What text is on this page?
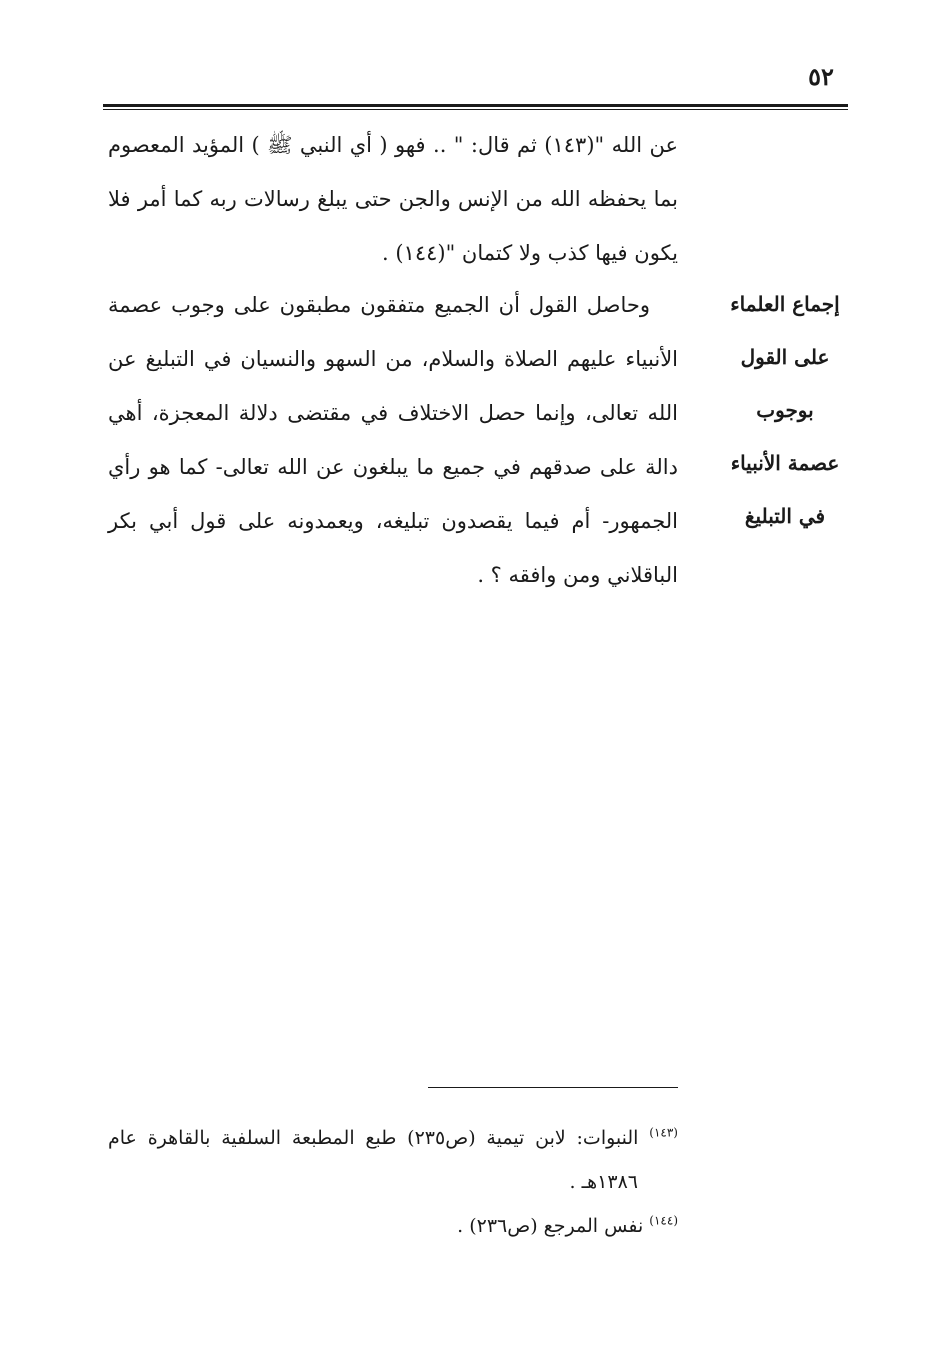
٥٢

عن الله "(١٤٣) ثم قال: " .. فهو ( أي النبي ﷺ ) المؤيد المعصوم بما يحفظه الله من الإنس والجن حتى يبلغ رسالات ربه كما أمر فلا يكون فيها كذب ولا كتمان "(١٤٤) .

إجماع العلماء
على القول
بوجوب
عصمة الأنبياء
في التبليغ

وحاصل القول أن الجميع متفقون مطبقون على وجوب عصمة الأنبياء عليهم الصلاة والسلام، من السهو والنسيان في التبليغ عن الله تعالى، وإنما حصل الاختلاف في مقتضى دلالة المعجزة، أهي دالة على صدقهم في جميع ما يبلغون عن الله تعالى- كما هو رأي الجمهور- أم فيما يقصدون تبليغه، ويعمدونه على قول أبي بكر الباقلاني ومن وافقه ؟ .

$^{(١٤٣)}$ النبوات: لابن تيمية (ص٢٣٥) طبع المطبعة السلفية بالقاهرة عام
١٣٨٦هـ .
$^{(١٤٤)}$ نفس المرجع (ص٢٣٦) .
